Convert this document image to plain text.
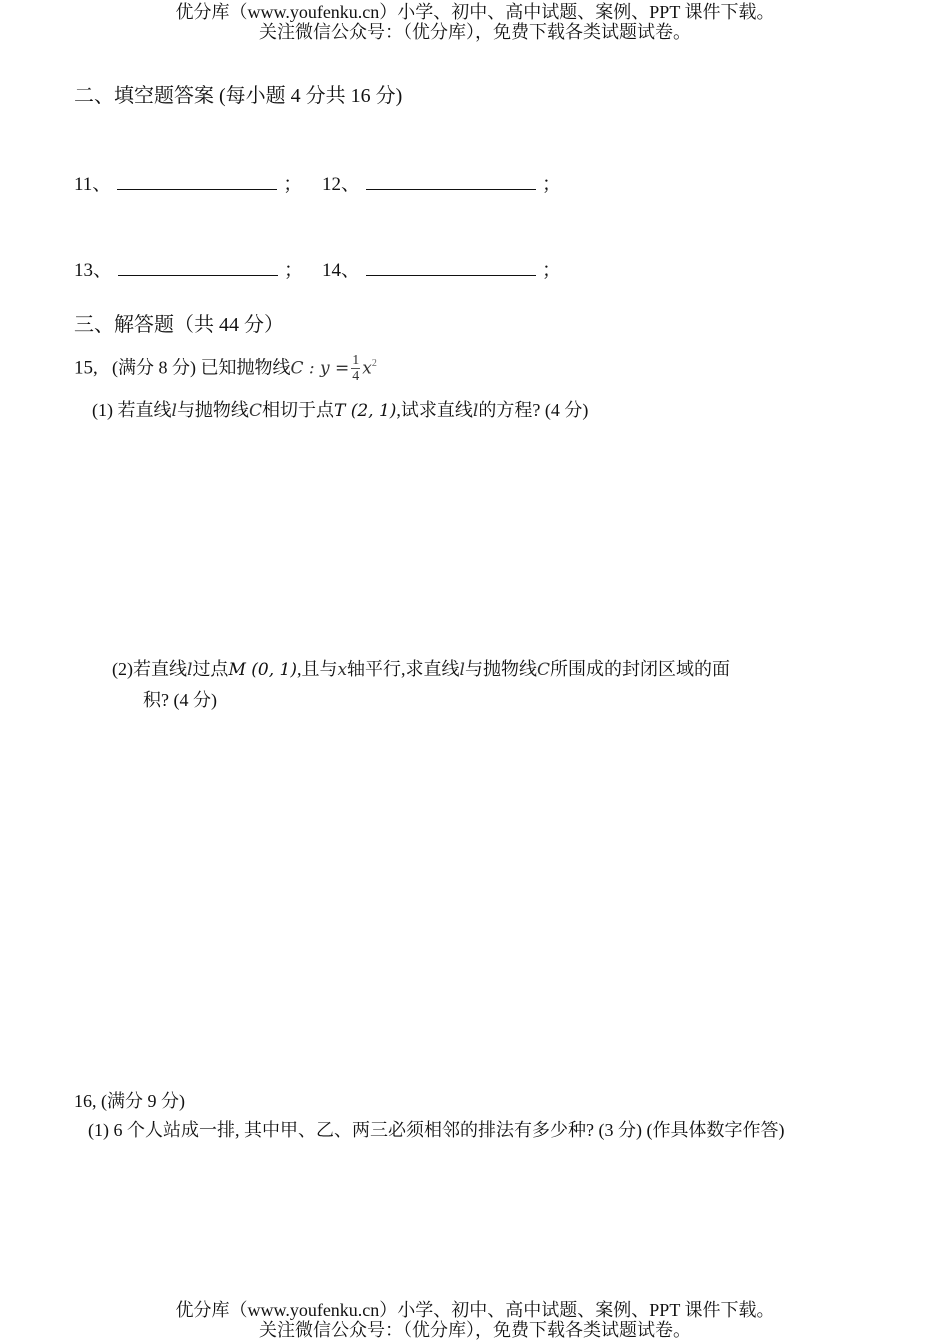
优分库（www.youfenku.cn）小学、初中、高中试题、案例、PPT 课件下载。
关注微信公众号：（优分库），免费下载各类试题试卷。
二、填空题答案 (每小题 4 分共 16 分)
11、	； 12、	；
13、	； 14、	；
三、解答题（共 44 分）
15, (满分 8 分) 已知抛物线C : $y = \frac{1}{4} x^2$
(1) 若直线l与抛物线C相切于点T (2, 1),试求直线l的方程? (4 分)
(2)若直线l过点M (0, 1),且与x轴平行,求直线l与抛物线C所围成的封闭区域的面
积? (4 分)
16, (满分 9 分)
(1) 6 个人站成一排, 其中甲、乙、两三必须相邻的排法有多少种? (3 分) (作具体数字作答)
优分库（www.youfenku.cn）小学、初中、高中试题、案例、PPT 课件下载。
关注微信公众号：（优分库），免费下载各类试题试卷。
